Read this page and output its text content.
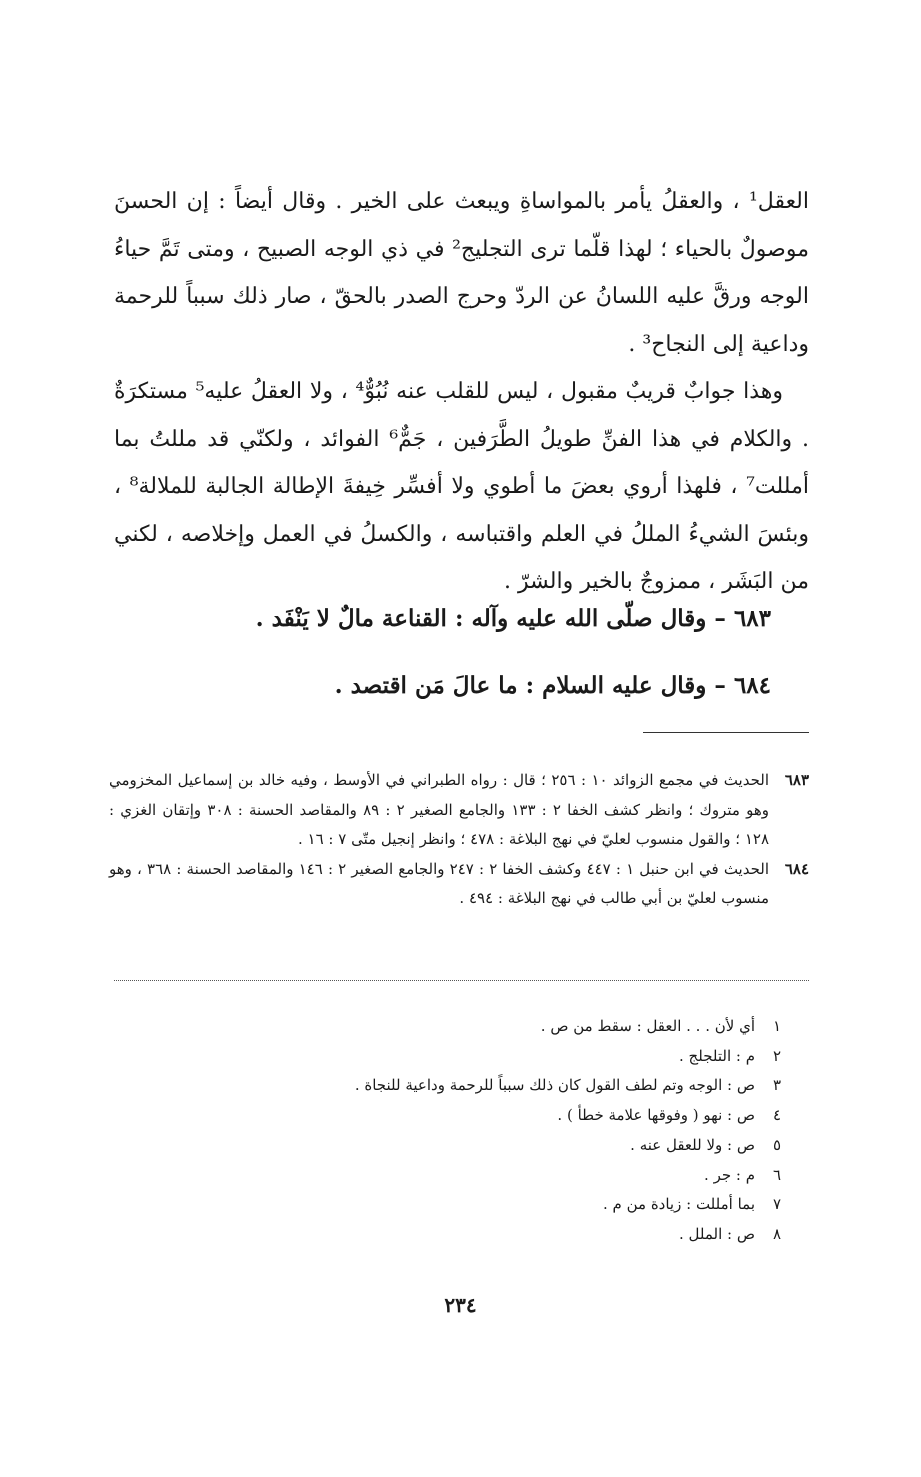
العقل¹ ، والعقلُ يأمر بالمواساةِ ويبعث على الخير . وقال أيضاً : إن الحسنَ موصولٌ بالحياء ؛ لهذا قلّما ترى التجليج² في ذي الوجه الصبيح ، ومتى تَمَّ حياءُ الوجه ورقَّ عليه اللسانُ عن الردّ وحرج الصدر بالحقّ ، صار ذلك سبباً للرحمة وداعية إلى النجاح³ .

وهذا جوابٌ قريبٌ مقبول ، ليس للقلب عنه نُبُوٌّ⁴ ، ولا العقلُ عليه⁵ مستكرَةٌ . والكلام في هذا الفنِّ طويلُ الطَّرَفين ، جَمٌّ⁶ الفوائد ، ولكنّي قد مللتُ بما أمللت⁷ ، فلهذا أروي بعضَ ما أطوي ولا أفسِّر خِيفةَ الإطالة الجالبة للملالة⁸ ، وبئسَ الشيءُ المللُ في العلم واقتباسه ، والكسلُ في العمل وإخلاصه ، لكني من البَشَر ، ممزوجٌ بالخير والشرّ .

٦٨٣ – وقال صلّى الله عليه وآله : القناعة مالٌ لا يَنْفَد .

٦٨٤ – وقال عليه السلام : ما عالَ مَن اقتصد .

٦٨٣
الحديث في مجمع الزوائد ١٠ : ٢٥٦ ؛ قال : رواه الطبراني في الأوسط ، وفيه خالد بن إسماعيل المخزومي وهو متروك ؛ وانظر كشف الخفا ٢ : ١٣٣ والجامع الصغير ٢ : ٨٩ والمقاصد الحسنة : ٣٠٨ وإتقان الغزي : ١٢٨ ؛ والقول منسوب لعليّ في نهج البلاغة : ٤٧٨ ؛ وانظر إنجيل متّى ٧ : ١٦ .
٦٨٤
الحديث في ابن حنبل ١ : ٤٤٧ وكشف الخفا ٢ : ٢٤٧ والجامع الصغير ٢ : ١٤٦ والمقاصد الحسنة : ٣٦٨ ، وهو منسوب لعليّ بن أبي طالب في نهج البلاغة : ٤٩٤ .
١
أي لأن . . . العقل : سقط من ص .
٢
م : التلجلج .
٣
ص : الوجه وتم لطف القول كان ذلك سبباً للرحمة وداعية للنجاة .
٤
ص : نهو ( وفوقها علامة خطأ ) .
٥
ص : ولا للعقل عنه .
٦
م : جر .
٧
بما أمللت : زيادة من م .
٨
ص : الملل .
٢٣٤
